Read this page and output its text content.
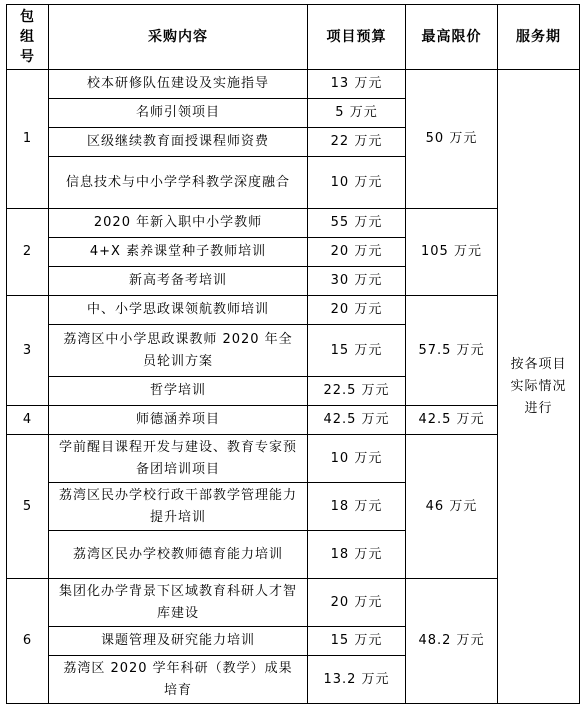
包组号	采购内容	项目预算	最高限价	服务期
1	校本研修队伍建设及实施指导	13 万元	50 万元	按各项目实际情况进行
	名师引领项目	5 万元		
	区级继续教育面授课程师资费	22 万元		
	信息技术与中小学学科教学深度融合	10 万元		
2	2020 年新入职中小学教师	55 万元	105 万元	
	4+X 素养课堂种子教师培训	20 万元		
	新高考备考培训	30 万元		
3	中、小学思政课领航教师培训	20 万元	57.5 万元	
	荔湾区中小学思政课教师 2020 年全员轮训方案	15 万元		
	哲学培训	22.5 万元		
4	师德涵养项目	42.5 万元	42.5 万元	
5	学前醒目课程开发与建设、教育专家预备团培训项目	10 万元	46 万元	
	荔湾区民办学校行政干部教学管理能力提升培训	18 万元		
	荔湾区民办学校教师德育能力培训	18 万元		
6	集团化办学背景下区域教育科研人才智库建设	20 万元	48.2 万元	
	课题管理及研究能力培训	15 万元		
	荔湾区 2020 学年科研（教学）成果培育	13.2 万元		
